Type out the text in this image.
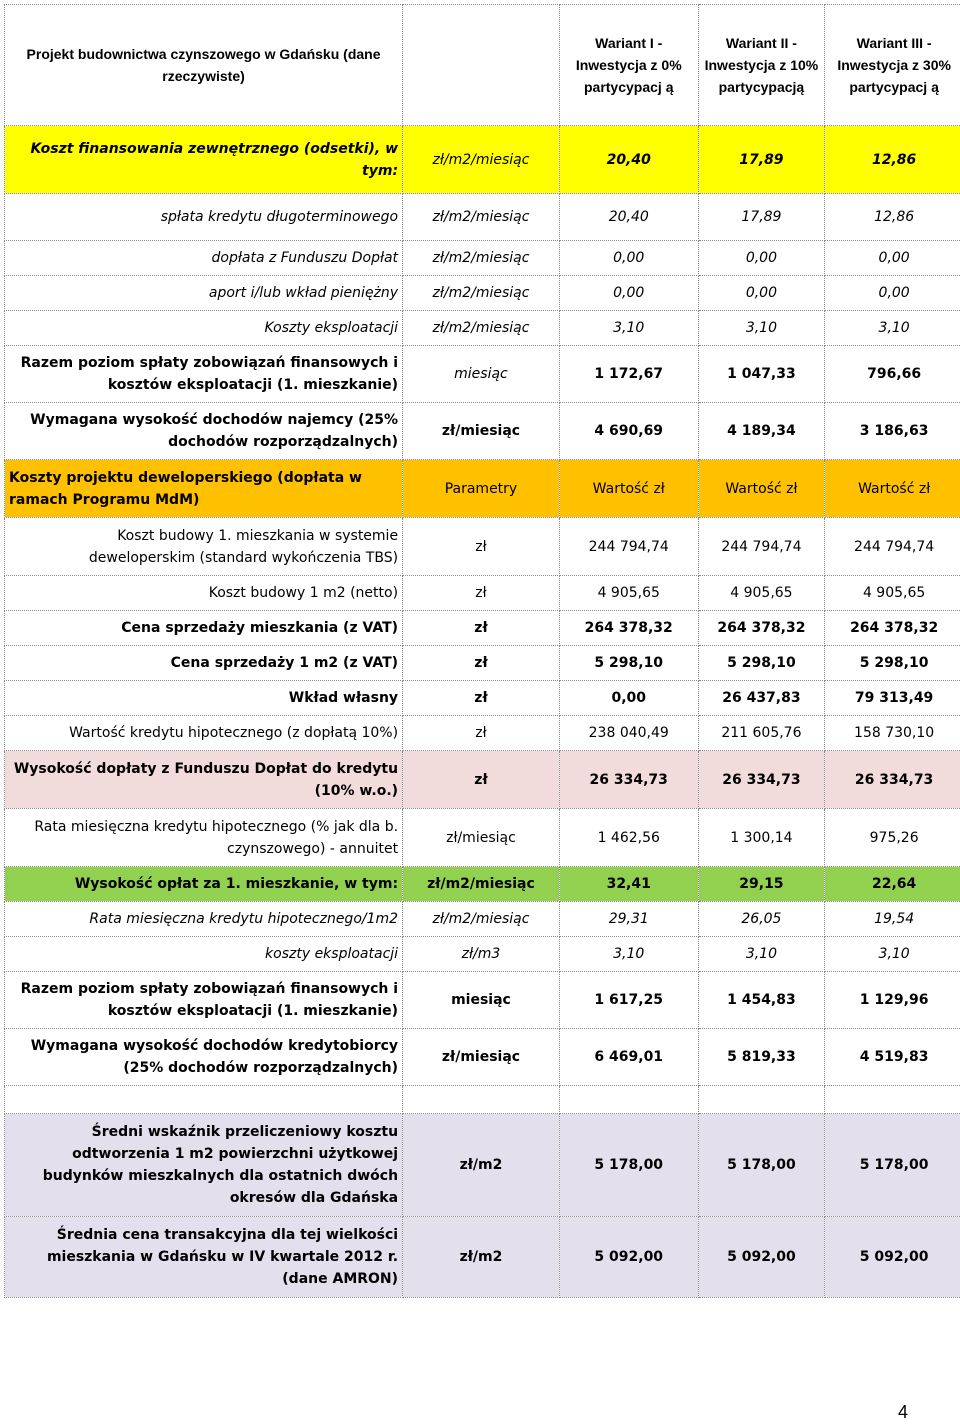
Projekt budownictwa czynszowego w Gdańsku (dane rzeczywiste)		Wariant I - Inwestycja z 0% partycypacj ą	Wariant II - Inwestycja z 10% partycypacją	Wariant III - Inwestycja z 30% partycypacj ą
Koszt finansowania zewnętrznego (odsetki), w tym:	zł/m2/miesiąc	20,40	17,89	12,86
spłata kredytu długoterminowego	zł/m2/miesiąc	20,40	17,89	12,86
dopłata z Funduszu Dopłat	zł/m2/miesiąc	0,00	0,00	0,00
aport i/lub wkład pieniężny	zł/m2/miesiąc	0,00	0,00	0,00
Koszty eksploatacji	zł/m2/miesiąc	3,10	3,10	3,10
Razem poziom spłaty zobowiązań finansowych i kosztów eksploatacji (1. mieszkanie)	miesiąc	1 172,67	1 047,33	796,66
Wymagana wysokość dochodów najemcy (25% dochodów rozporządzalnych)	zł/miesiąc	4 690,69	4 189,34	3 186,63
Koszty projektu deweloperskiego (dopłata w ramach Programu MdM)	Parametry	Wartość zł	Wartość zł	Wartość zł
Koszt budowy 1. mieszkania w systemie deweloperskim (standard wykończenia TBS)	zł	244 794,74	244 794,74	244 794,74
Koszt budowy 1 m2 (netto)	zł	4 905,65	4 905,65	4 905,65
Cena sprzedaży mieszkania (z VAT)	zł	264 378,32	264 378,32	264 378,32
Cena sprzedaży 1 m2 (z VAT)	zł	5 298,10	5 298,10	5 298,10
Wkład własny	zł	0,00	26 437,83	79 313,49
Wartość kredytu hipotecznego (z dopłatą 10%)	zł	238 040,49	211 605,76	158 730,10
Wysokość dopłaty z Funduszu Dopłat do kredytu (10% w.o.)	zł	26 334,73	26 334,73	26 334,73
Rata miesięczna kredytu hipotecznego (% jak dla b. czynszowego) - annuitet	zł/miesiąc	1 462,56	1 300,14	975,26
Wysokość opłat za 1. mieszkanie, w tym:	zł/m2/miesiąc	32,41	29,15	22,64
Rata miesięczna kredytu hipotecznego/1m2	zł/m2/miesiąc	29,31	26,05	19,54
koszty eksploatacji	zł/m3	3,10	3,10	3,10
Razem poziom spłaty zobowiązań finansowych i kosztów eksploatacji (1. mieszkanie)	miesiąc	1 617,25	1 454,83	1 129,96
Wymagana wysokość dochodów kredytobiorcy (25% dochodów rozporządzalnych)	zł/miesiąc	6 469,01	5 819,33	4 519,83

Średni wskaźnik przeliczeniowy kosztu odtworzenia 1 m2 powierzchni użytkowej budynków mieszkalnych dla ostatnich dwóch okresów dla Gdańska	zł/m2	5 178,00	5 178,00	5 178,00
Średnia cena transakcyjna dla tej wielkości mieszkania w Gdańsku w IV kwartale 2012 r. (dane AMRON)	zł/m2	5 092,00	5 092,00	5 092,00
4
